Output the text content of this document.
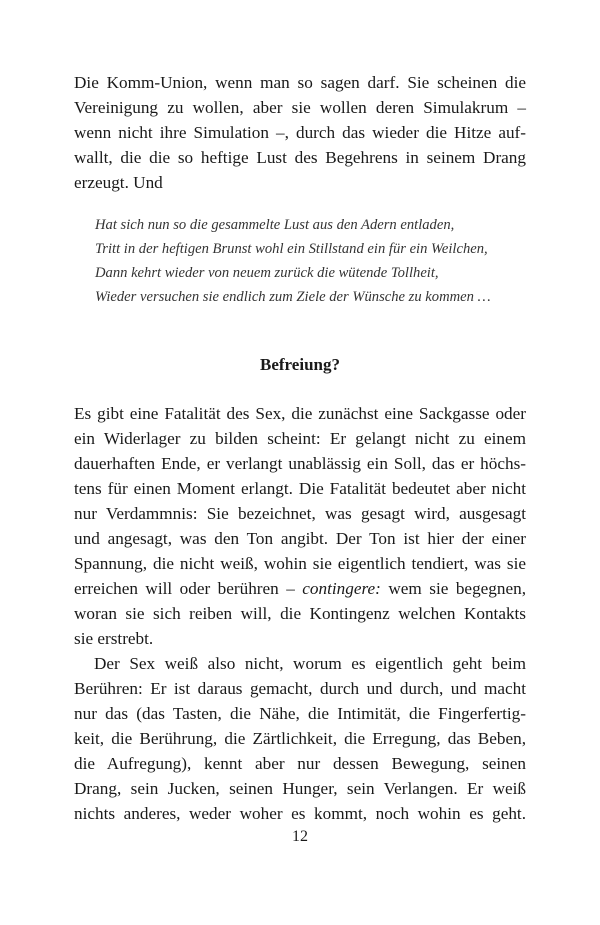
Die Komm-Union, wenn man so sagen darf. Sie scheinen die
Vereinigung zu wollen, aber sie wollen deren Simulakrum –
wenn nicht ihre Simulation –, durch das wieder die Hitze auf-
wallt, die die so heftige Lust des Begehrens in seinem Drang
erzeugt. Und
Hat sich nun so die gesammelte Lust aus den Adern entladen,
Tritt in der heftigen Brunst wohl ein Stillstand ein für ein Weilchen,
Dann kehrt wieder von neuem zurück die wütende Tollheit,
Wieder versuchen sie endlich zum Ziele der Wünsche zu kommen …
Befreiung?
Es gibt eine Fatalität des Sex, die zunächst eine Sackgasse oder
ein Widerlager zu bilden scheint: Er gelangt nicht zu einem
dauerhaften Ende, er verlangt unablässig ein Soll, das er höchs-
tens für einen Moment erlangt. Die Fatalität bedeutet aber nicht
nur Verdammnis: Sie bezeichnet, was gesagt wird, ausgesagt
und angesagt, was den Ton angibt. Der Ton ist hier der einer
Spannung, die nicht weiß, wohin sie eigentlich tendiert, was sie
erreichen will oder berühren – contingere: wem sie begegnen,
woran sie sich reiben will, die Kontingenz welchen Kontakts
sie erstrebt.
Der Sex weiß also nicht, worum es eigentlich geht beim
Berühren: Er ist daraus gemacht, durch und durch, und macht
nur das (das Tasten, die Nähe, die Intimität, die Fingerfertig-
keit, die Berührung, die Zärtlichkeit, die Erregung, das Beben,
die Aufregung), kennt aber nur dessen Bewegung, seinen
Drang, sein Jucken, seinen Hunger, sein Verlangen. Er weiß
nichts anderes, weder woher es kommt, noch wohin es geht.
12
